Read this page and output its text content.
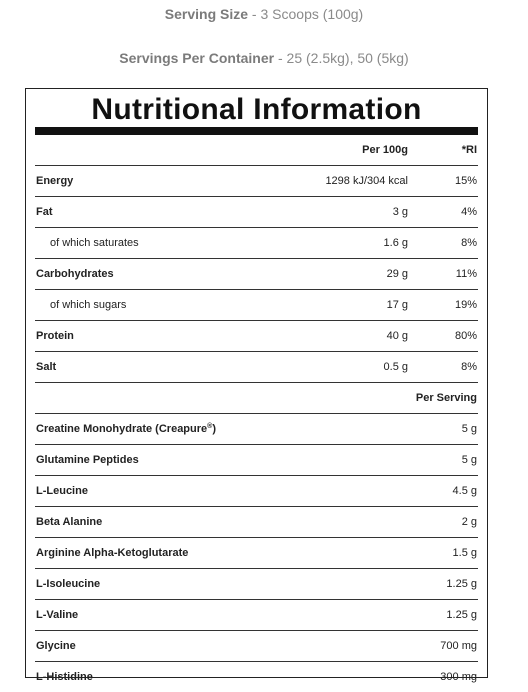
Serving Size - 3 Scoops (100g)
Servings Per Container - 25 (2.5kg), 50 (5kg)
Nutritional Information
Per 100g	*RI
Energy	1298 kJ/304 kcal	15%
Fat	3 g	4%
of which saturates	1.6 g	8%
Carbohydrates	29 g	11%
of which sugars	17 g	19%
Protein	40 g	80%
Salt	0.5 g	8%
Per Serving
Creatine Monohydrate (Creapure®)	5 g
Glutamine Peptides	5 g
L-Leucine	4.5 g
Beta Alanine	2 g
Arginine Alpha-Ketoglutarate	1.5 g
L-Isoleucine	1.25 g
L-Valine	1.25 g
Glycine	700 mg
L-Histidine	300 mg
